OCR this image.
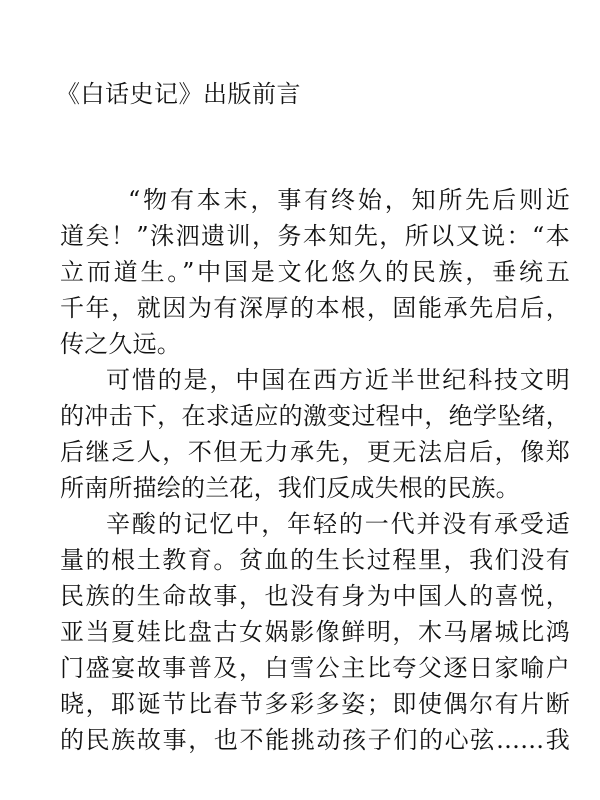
《白话史记》出版前言
“物有本末，事有终始，知所先后则近
道矣！”洙泗遗训，务本知先，所以又说：“本
立而道生。”中国是文化悠久的民族，垂统五
千年，就因为有深厚的本根，固能承先启后，
传之久远。
可惜的是，中国在西方近半世纪科技文明
的冲击下，在求适应的激变过程中，绝学坠绪，
后继乏人，不但无力承先，更无法启后，像郑
所南所描绘的兰花，我们反成失根的民族。
辛酸的记忆中，年轻的一代并没有承受适
量的根土教育。贫血的生长过程里，我们没有
民族的生命故事，也没有身为中国人的喜悦，
亚当夏娃比盘古女娲影像鲜明，木马屠城比鸿
门盛宴故事普及，白雪公主比夸父逐日家喻户
晓，耶诞节比春节多彩多姿；即使偶尔有片断
的民族故事，也不能挑动孩子们的心弦……我
